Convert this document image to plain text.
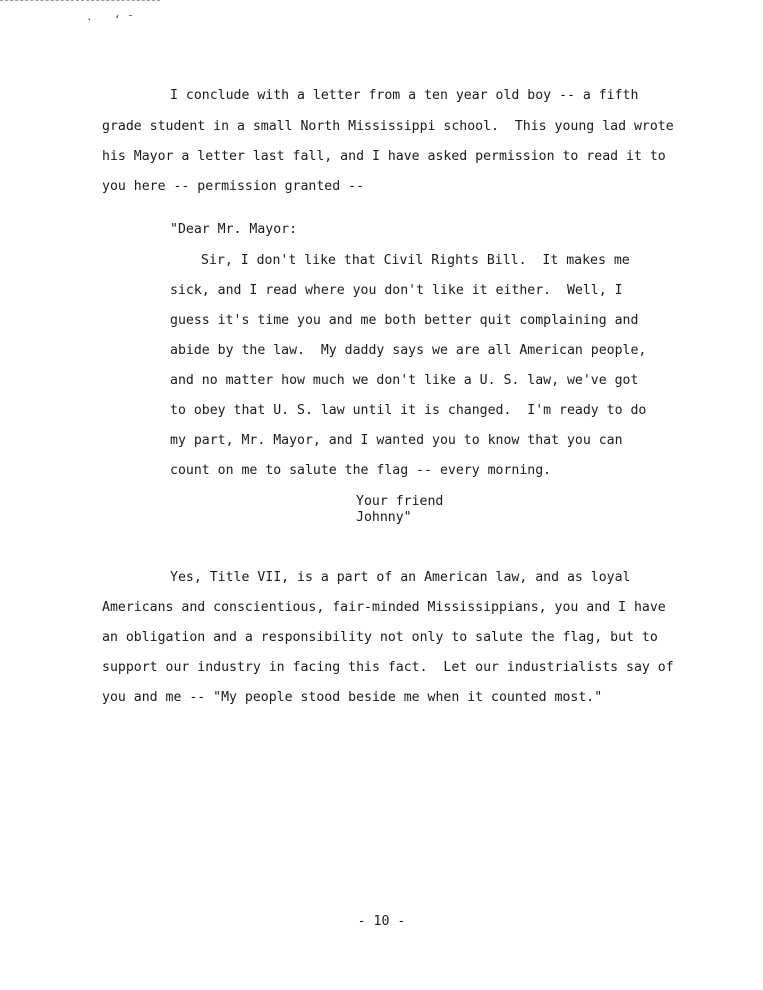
· ʻ ˉ
I conclude with a letter from a ten year old boy -- a fifth
grade student in a small North Mississippi school.  This young lad wrote
his Mayor a letter last fall, and I have asked permission to read it to
you here -- permission granted --
"Dear Mr. Mayor:
Sir, I don't like that Civil Rights Bill.  It makes me
sick, and I read where you don't like it either.  Well, I
guess it's time you and me both better quit complaining and
abide by the law.  My daddy says we are all American people,
and no matter how much we don't like a U. S. law, we've got
to obey that U. S. law until it is changed.  I'm ready to do
my part, Mr. Mayor, and I wanted you to know that you can
count on me to salute the flag -- every morning.
Your friend
Johnny"
Yes, Title VII, is a part of an American law, and as loyal
Americans and conscientious, fair-minded Mississippians, you and I have
an obligation and a responsibility not only to salute the flag, but to
support our industry in facing this fact.  Let our industrialists say of
you and me -- "My people stood beside me when it counted most."
- 10 -
